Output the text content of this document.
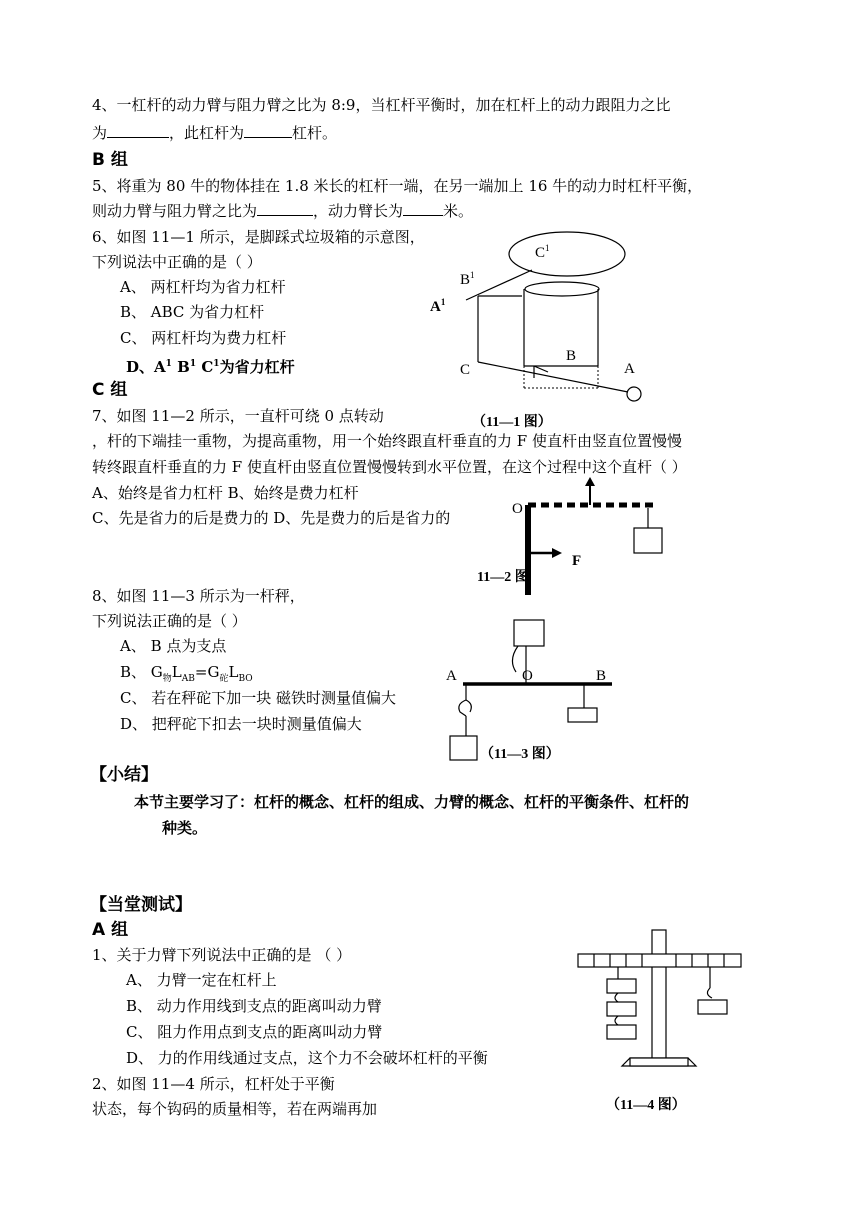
4、一杠杆的动力臂与阻力臂之比为 8:9，当杠杆平衡时，加在杠杆上的动力跟阻力之比
为	，此杠杆为	杠杆。
B 组
5、将重为 80 牛的物体挂在 1.8 米长的杠杆一端，在另一端加上 16 牛的动力时杠杆平衡，
则动力臂与阻力臂之比为	，动力臂长为	米。
6、如图 11—1 所示，是脚踩式垃圾箱的示意图，
下列说法中正确的是（ ）
A、 两杠杆均为省力杠杆
B、 ABC 为省力杠杆
C、 两杠杆均为费力杠杆
D、$A^1$ $B^1$ $C^1$为省力杠杆
$C^1$
$B^1$
$A^1$
B
C	A
（11—1 图）
C 组
7、如图 11—2 所示，一直杆可绕 0 点转动
，杆的下端挂一重物，为提高重物，用一个始终跟直杆垂直的力 F 使直杆由竖直位置慢慢
转终跟直杆垂直的力 F 使直杆由竖直位置慢慢转到水平位置，在这个过程中这个直杆（ ）
A、始终是省力杠杆 B、始终是费力杠杆
C、先是省力的后是费力的 D、先是费力的后是省力的	O
F
11—2 图
8、如图 11—3 所示为一杆秤，
下列说法正确的是（ ）
A、 B 点为支点
B、 $G_物L_{AB}=G_砣L_{BO}$
C、 若在秤砣下加一块 磁铁时测量值偏大
D、 把秤砣下扣去一块时测量值偏大
A	O	B
（11—3 图）
【小结】
本节主要学习了：杠杆的概念、杠杆的组成、力臂的概念、杠杆的平衡条件、杠杆的
种类。
【当堂测试】
A 组
1、关于力臂下列说法中正确的是 （ ）
A、 力臂一定在杠杆上
B、 动力作用线到支点的距离叫动力臂
C、 阻力作用点到支点的距离叫动力臂
D、 力的作用线通过支点，这个力不会破坏杠杆的平衡
2、如图 11—4 所示，杠杆处于平衡
状态，每个钩码的质量相等，若在两端再加	（11—4 图）
